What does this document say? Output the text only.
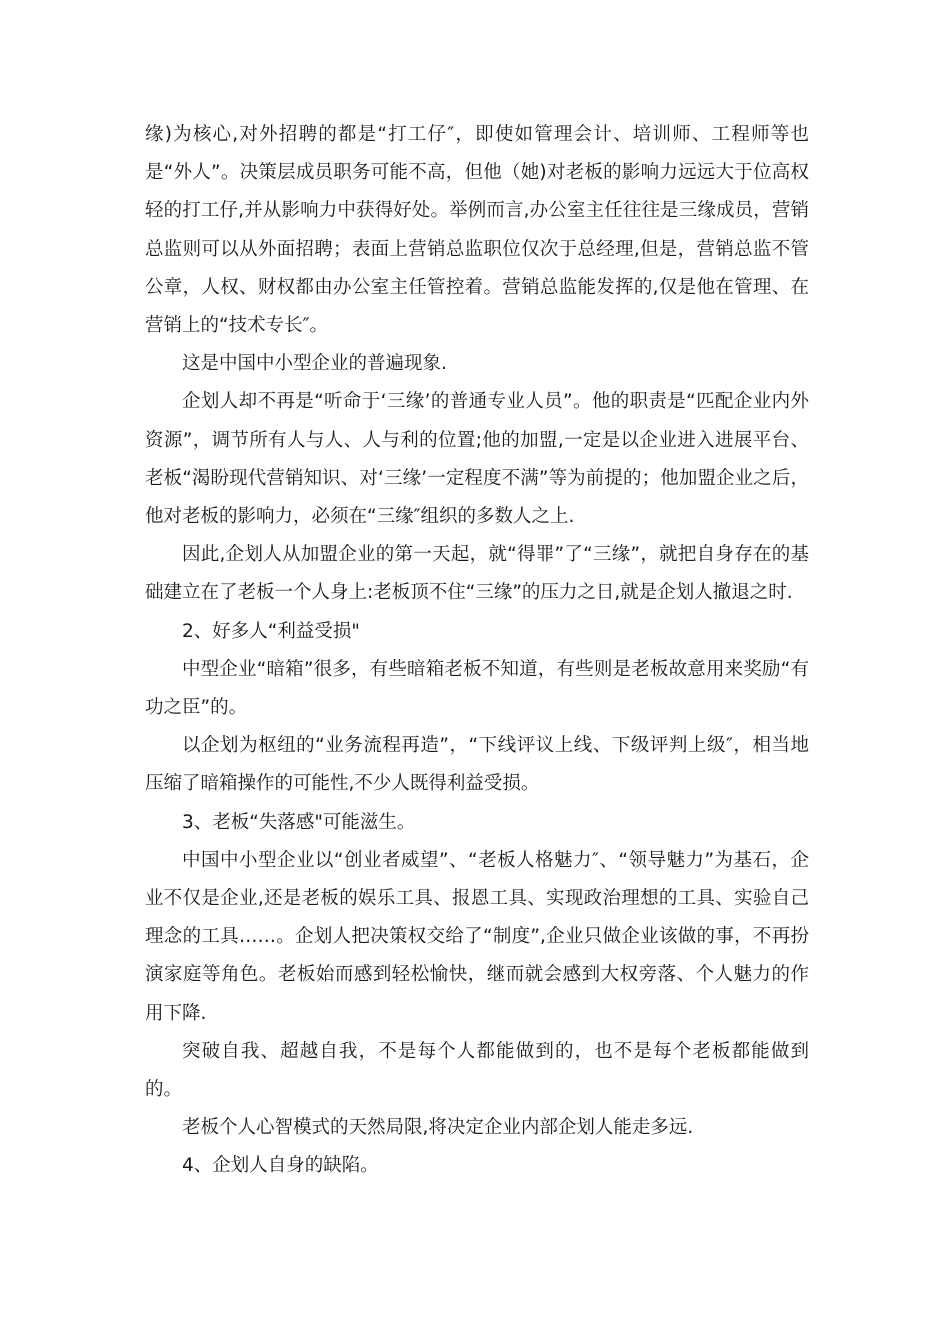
缘)为核心,对外招聘的都是“打工仔″，即使如管理会计、培训师、工程师等也是“外人”。决策层成员职务可能不高，但他（她)对老板的影响力远远大于位高权轻的打工仔,并从影响力中获得好处。举例而言,办公室主任往往是三缘成员，营销总监则可以从外面招聘；表面上营销总监职位仅次于总经理,但是，营销总监不管公章，人权、财权都由办公室主任管控着。营销总监能发挥的,仅是他在管理、在营销上的“技术专长″。

这是中国中小型企业的普遍现象.

企划人却不再是“听命于‘三缘’的普通专业人员”。他的职责是“匹配企业内外资源”，调节所有人与人、人与利的位置;他的加盟,一定是以企业进入进展平台、老板“渴盼现代营销知识、对‘三缘’一定程度不满”等为前提的；他加盟企业之后，他对老板的影响力，必须在“三缘″组织的多数人之上.

因此,企划人从加盟企业的第一天起，就“得罪”了“三缘”，就把自身存在的基础建立在了老板一个人身上:老板顶不住“三缘”的压力之日,就是企划人撤退之时.

2、好多人“利益受损"

中型企业“暗箱”很多，有些暗箱老板不知道，有些则是老板故意用来奖励“有功之臣”的。

以企划为枢纽的“业务流程再造”，“下线评议上线、下级评判上级″，相当地压缩了暗箱操作的可能性,不少人既得利益受损。

3、老板“失落感"可能滋生。

中国中小型企业以“创业者威望”、“老板人格魅力″、“领导魅力”为基石，企业不仅是企业,还是老板的娱乐工具、报恩工具、实现政治理想的工具、实验自己理念的工具……。企划人把决策权交给了“制度”,企业只做企业该做的事，不再扮演家庭等角色。老板始而感到轻松愉快，继而就会感到大权旁落、个人魅力的作用下降.

突破自我、超越自我，不是每个人都能做到的，也不是每个老板都能做到的。

老板个人心智模式的天然局限,将决定企业内部企划人能走多远.

4、企划人自身的缺陷。
